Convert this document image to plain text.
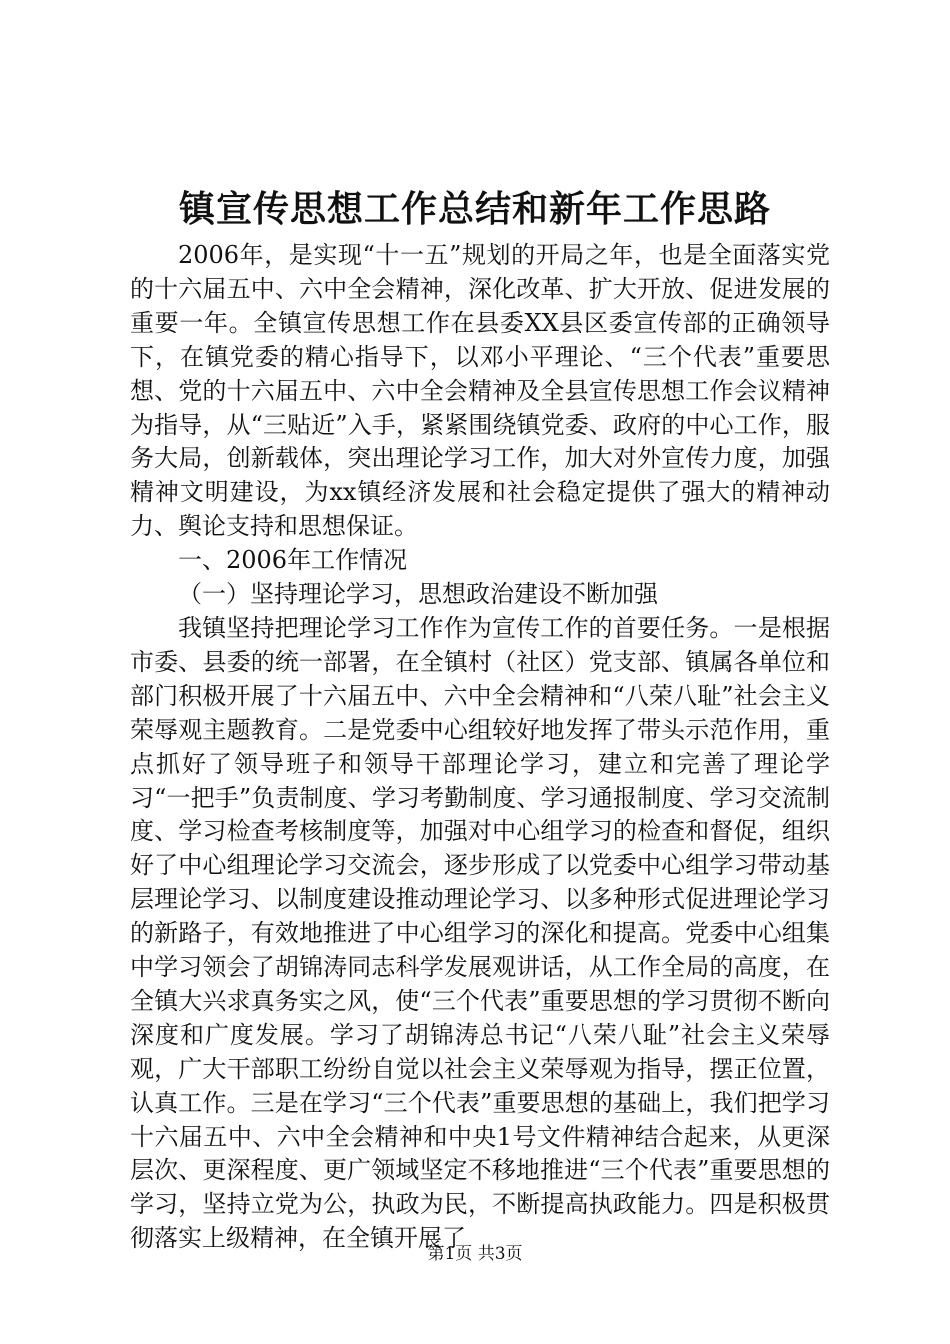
镇宣传思想工作总结和新年工作思路

2006年，是实现“十一五”规划的开局之年，也是全面落实党的十六届五中、六中全会精神，深化改革、扩大开放、促进发展的重要一年。全镇宣传思想工作在县委XX县区委宣传部的正确领导下，在镇党委的精心指导下，以邓小平理论、“三个代表”重要思想、党的十六届五中、六中全会精神及全县宣传思想工作会议精神为指导，从“三贴近”入手，紧紧围绕镇党委、政府的中心工作，服务大局，创新载体，突出理论学习工作，加大对外宣传力度，加强精神文明建设，为xx镇经济发展和社会稳定提供了强大的精神动力、舆论支持和思想保证。

一、2006年工作情况

（一）坚持理论学习，思想政治建设不断加强

我镇坚持把理论学习工作作为宣传工作的首要任务。一是根据市委、县委的统一部署，在全镇村（社区）党支部、镇属各单位和部门积极开展了十六届五中、六中全会精神和“八荣八耻”社会主义荣辱观主题教育。二是党委中心组较好地发挥了带头示范作用，重点抓好了领导班子和领导干部理论学习，建立和完善了理论学习“一把手”负责制度、学习考勤制度、学习通报制度、学习交流制度、学习检查考核制度等，加强对中心组学习的检查和督促，组织好了中心组理论学习交流会，逐步形成了以党委中心组学习带动基层理论学习、以制度建设推动理论学习、以多种形式促进理论学习的新路子，有效地推进了中心组学习的深化和提高。党委中心组集中学习领会了胡锦涛同志科学发展观讲话，从工作全局的高度，在全镇大兴求真务实之风，使“三个代表”重要思想的学习贯彻不断向深度和广度发展。学习了胡锦涛总书记“八荣八耻”社会主义荣辱观，广大干部职工纷纷自觉以社会主义荣辱观为指导，摆正位置，认真工作。三是在学习“三个代表”重要思想的基础上，我们把学习十六届五中、六中全会精神和中央1号文件精神结合起来，从更深层次、更深程度、更广领域坚定不移地推进“三个代表”重要思想的学习，坚持立党为公，执政为民，不断提高执政能力。四是积极贯彻落实上级精神，在全镇开展了

第1页 共3页
